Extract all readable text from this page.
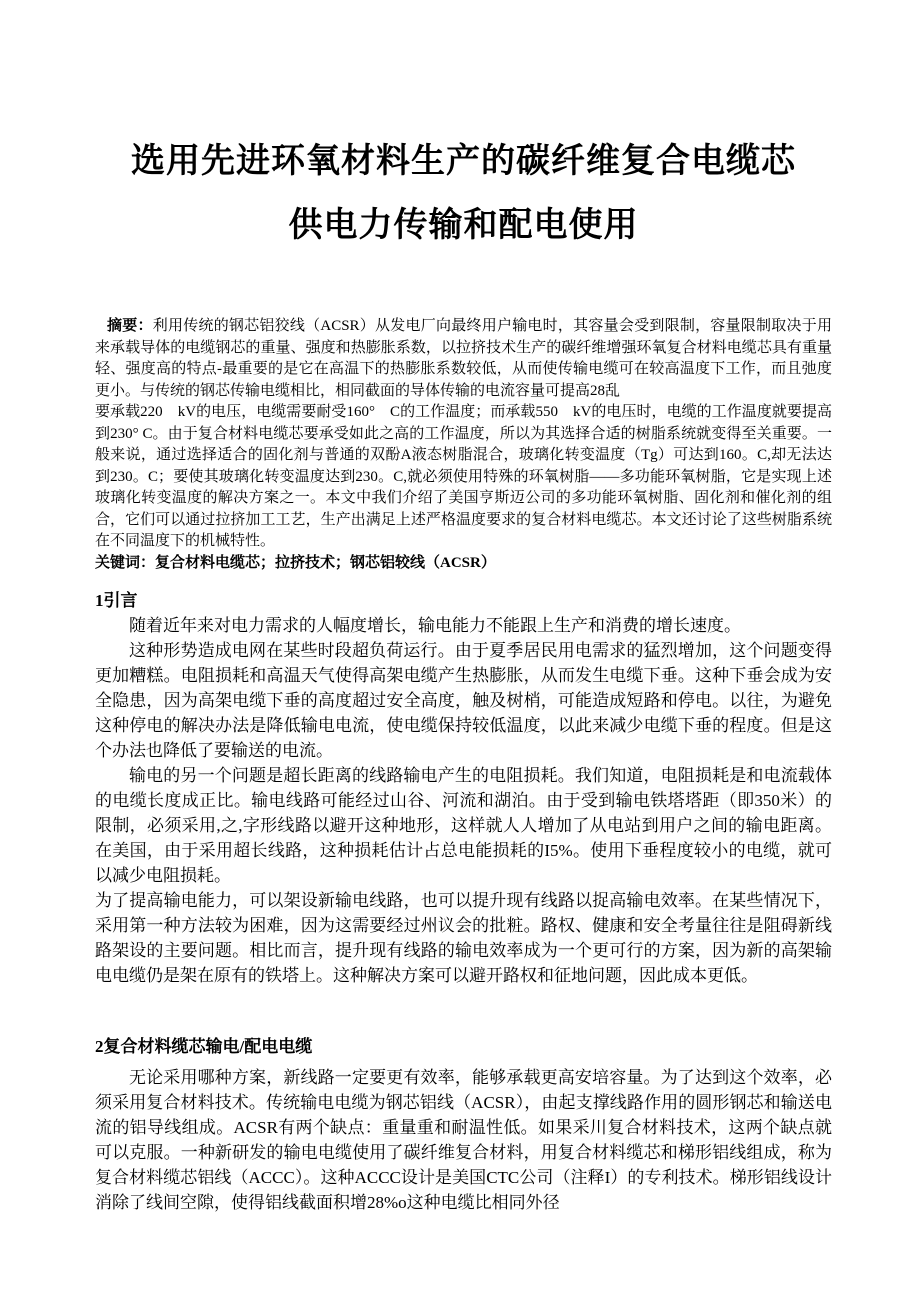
选用先进环氧材料生产的碳纤维复合电缆芯
供电力传输和配电使用

摘要：利用传统的钢芯铝狡线（ACSR）从发电厂向最终用户输电时，其容量会受到限制，容量限制取决于用来承载导体的电缆钢芯的重量、强度和热膨胀系数，以拉挤技术生产的碳纤维增强环氧复合材料电缆芯具有重量轻、强度高的特点-最重要的是它在高温下的热膨胀系数较低，从而使传输电缆可在较高温度下工作，而且弛度更小。与传统的钢芯传输电缆相比，相同截面的导体传输的电流容量可提高28乱

要承载220　kV的电压，电缆需要耐受160°　C的工作温度；而承载550　kV的电压时，电缆的工作温度就要提高到230° C。由于复合材料电缆芯要承受如此之高的工作温度，所以为其选择合适的树脂系统就变得至关重要。一般来说，通过选择适合的固化剂与普通的双酚A液态树脂混合，玻璃化转变温度（Tg）可达到160。C,却无法达到230。C；要使其玻璃化转变温度达到230。C,就必须使用特殊的环氧树脂——多功能环氧树脂，它是实现上述玻璃化转变温度的解决方案之一。本文中我们介绍了美国亨斯迈公司的多功能环氧树脂、固化剂和催化剂的组合，它们可以通过拉挤加工工艺，生产出满足上述严格温度要求的复合材料电缆芯。本文还讨论了这些树脂系统在不同温度下的机械特性。

关键词：复合材料电缆芯；拉挤技术；钢芯铝较线（ACSR）

1引言

随着近年来对电力需求的人幅度增长，输电能力不能跟上生产和消费的增长速度。

这种形势造成电网在某些时段超负荷运行。由于夏季居民用电需求的猛烈增加，这个问题变得更加糟糕。电阻损耗和高温天气使得高架电缆产生热膨胀，从而发生电缆下垂。这种下垂会成为安全隐患，因为高架电缆下垂的高度超过安全高度，触及树梢，可能造成短路和停电。以往，为避免这种停电的解决办法是降低输电电流，使电缆保持较低温度，以此来减少电缆下垂的程度。但是这个办法也降低了要输送的电流。

输电的另一个问题是超长距离的线路输电产生的电阻损耗。我们知道，电阻损耗是和电流载体的电缆长度成正比。输电线路可能经过山谷、河流和湖泊。由于受到输电铁塔塔距（即350米）的限制，必须采用,之,字形线路以避开这种地形，这样就人人增加了从电站到用户之间的输电距离。在美国，由于采用超长线路，这种损耗估计占总电能损耗的I5%。使用下垂程度较小的电缆，就可以减少电阻损耗。

为了提高输电能力，可以架设新输电线路，也可以提升现有线路以捉高输电效率。在某些情况下，采用第一种方法较为困难，因为这需要经过州议会的批粧。路权、健康和安全考量往往是阻碍新线路架设的主要问题。相比而言，提升现有线路的输电效率成为一个更可行的方案，因为新的高架输电电缆仍是架在原有的铁塔上。这种解决方案可以避开路权和征地问题，因此成本更低。

2复合材料缆芯输电/配电电缆

无论采用哪种方案，新线路一定要更有效率，能够承载更高安培容量。为了达到这个效率，必须采用复合材料技术。传统输电电缆为钢芯铝线（ACSR），由起支撑线路作用的圆形钢芯和输送电流的铝导线组成。ACSR有两个缺点：重量重和耐温性低。如果采川复合材料技术，这两个缺点就可以克服。一种新研发的输电电缆使用了碳纤维复合材料，用复合材料缆芯和梯形铝线组成，称为复合材料缆芯铝线（ACCC）。这种ACCC设计是美国CTC公司（注释I）的专利技术。梯形铝线设计消除了线间空隙，使得铝线截面积增28%o这种电缆比相同外径
